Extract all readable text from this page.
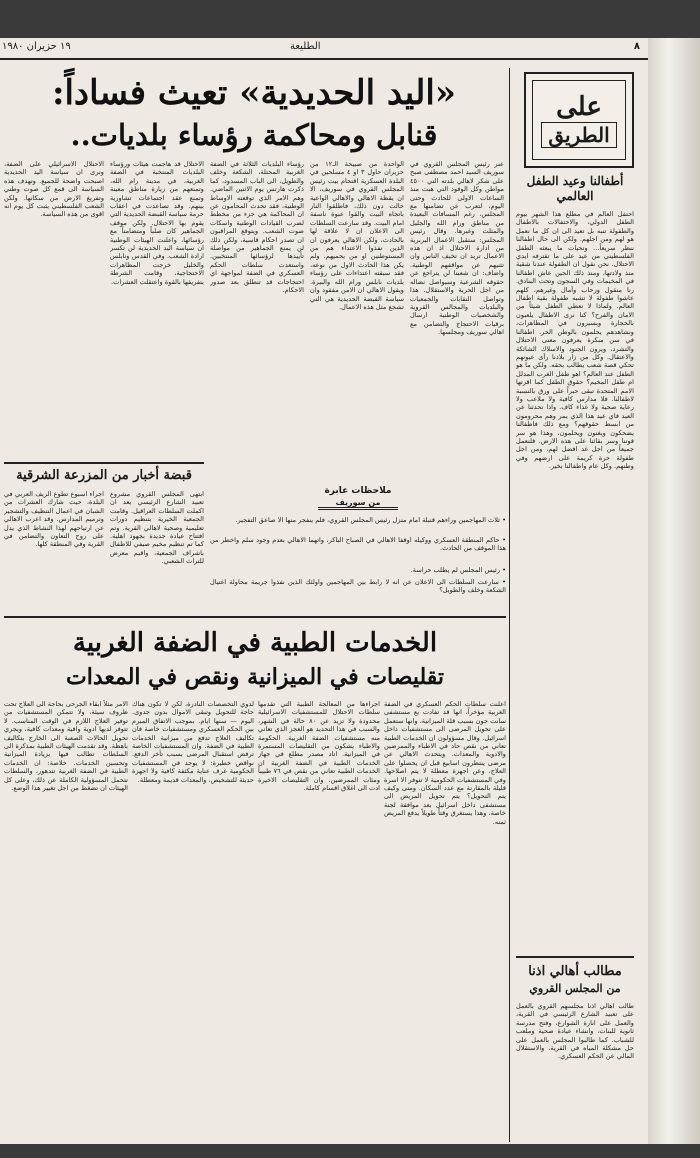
٨
الطليعة
١٩ حزيران ١٩٨٠
على
الطريق
أطفالنا وعيد الطفل العالمي
احتفل العالم في مطلع هذا الشهر بيوم الطفل الدولي، والاحتفالات بالاطفال والطفولة تنبه بل تعيد الى ان كل ما نعمل هو لهم ومن اجلهم. ولكن الى حال اطفالنا ننظر سريعاً... وتحيات ما يبعثه الطفل الفلسطيني من عيد على ما تقترفه ايدي الاحتلال. نحن نقول ان الطفولة عندنا شقية منذ ولادتها، ومنذ ذلك الحين عاش اطفالنا في المخيمات وفي السجون وتحت البنادق. رنا منقول ورحاب وآمال وغيرهم، كلهم عاشوا طفولة لا تشبه طفولة بقية اطفال العالم. ولماذا لا نعطي الطفل شيئاً من الامان والفرح؟ كنا نرى الاطفال يلعبون بالحجارة ويسيرون في المظاهرات، ونشاهدهم يحلمون بالوطن الحر. اطفالنا في سن مبكرة يعرفون معنى الاحتلال والتشرد، ويرون الجنود والاسلاك الشائكة والاعتقال. وكل من زار بلادنا رأى عيونهم تحكي قصة شعب يطالب بحقه. ولكن ما هو الطفل عند العالم؟ اهو طفل الغرب المدلل ام طفل المخيم؟ حقوق الطفل كما اقرتها الامم المتحدة تبقى حبراً على ورق بالنسبة لاطفالنا. فلا مدارس كافية ولا ملاعب ولا رعاية صحية ولا غذاء كاف. واذا تحدثنا عن العيد فاي عيد هذا الذي يمر وهم محرومون من ابسط حقوقهم؟ ومع ذلك فاطفالنا يضحكون ويغنون ويحلمون، وهذا هو سر قوتنا وسر بقائنا على هذه الارض. فلنعمل جميعاً من اجل غد افضل لهم، ومن اجل طفولة حرة كريمة على ارضهم وفي وطنهم. وكل عام واطفالنا بخير.
مطالب أهالي اذنا
من المجلس القروي
طالب اهالي اذنا مجلسهم القروي بالعمل على تعبيد الشارع الرئيسي في القرية، والعمل على انارة الشوارع، وفتح مدرسة ثانوية للبنات، وانشاء عيادة صحية وملعب للشباب. كما طالبوا المجلس بالعمل على حل مشكلة المياه في القرية، والاستقلال المالي عن الحكم العسكري.
«اليد الحديدية» تعيث فساداً:
قنابل ومحاكمة رؤساء بلديات..
عنر رئيس المجلس القروي في سوريف السيد احمد مصطفى صبح على شكر لاهالي بلدته التي ٤٥٠٠ مواطن وكل الوفود التي هبت منذ الساعات الاولى للحادث وحتى اليوم، لتعرب عن تضامنها مع المجلس، رغم المسافات البعيدة من مناطق ورام الله والجليل والمثلث وغيرها. وقال رئيس المجلس: ستقبل الاعمال البربرية من ادارة الاحتلال اذ ان هذه الاعمال تريد ان تخيف الناس وان تثنيهم عن مواقفهم الوطنية. واضاف: ان شعبنا لن يتراجع عن حقوقه الشرعية وسيواصل نضاله من اجل الحرية والاستقلال. هذا وتواصل النقابات والجمعيات والبلديات والمجالس القروية والشخصيات الوطنية ارسال برقيات الاحتجاج والتضامن مع اهالي سوريف ومجلسها.
الواحدة من صبيحة الـ١٢ من حزيران حاول ٣ او ٤ مسلحين في البلدة العسكرية اقتحام بيت رئيس المجلس القروي في سوريف، الا ان يقظة الاهالي والاهالي الواعية حالت دون ذلك، فاطلقوا النار باتجاه البيت والقوا عبوة ناسفة امام البيت. وقد سارعت السلطات الى الاعلان ان لا علاقة لها بالحادث، ولكن الاهالي يعرفون ان الذين نفذوا الاعتداء هم من المستوطنين او من يحميهم. ولم يكن هذا الحادث الاول من نوعه، فقد سبقته اعتداءات على رؤساء بلديات نابلس ورام الله والبيرة. ويقول الاهالي ان الامن مفقود وان سياسة القبضة الحديدية هي التي تشجع مثل هذه الاعمال.
رؤساء البلديات الثلاثة في الضفة الغربية المحتلة، الشكعة وخلف والطويل، الى الباب المسدود، كما ذكرت هارتس يوم الاثنين الماضي. وهم الامر الذي توقعته الاوساط الوطنية، فقد تحدث المحامون عن ان المحاكمة هي جزء من مخطط لضرب القيادات الوطنية واسكات صوت الشعب. ويتوقع المراقبون ان تصدر احكام قاسية، ولكن ذلك لن يمنع الجماهير من مواصلة تأييدها لرؤسائها المنتخبين. واستعدت سلطات الحكم العسكري في الضفة لمواجهة اي احتجاجات قد تنطلق بعد صدور الاحكام.
الاحتلال قد هاجمت هيئات ورؤساء البلديات المنتخبة في الضفة الغربية، في مدينة رام الله، وتمنعهم من زيارة مناطق معينة وتمنع عقد اجتماعات تشاورية بينهم. وقد تصاعدت في اعقاب حرمة سياسة القبضة الحديدية التي يقوم بها الاحتلال. ولكن موقف الجماهير كان صلباً ومتضامناً مع رؤسائها، واعلنت الهيئات الوطنية ان سياسة اليد الحديدية لن تكسر ارادة الشعب. وفي القدس ونابلس والخليل خرجت المظاهرات الاحتجاجية، وقامت الشرطة بتفريقها بالقوة واعتقلت العشرات.
الاحتلال الاسرائيلي على الضفة، ونرى ان سياسة اليد الحديدية اصبحت واضحة للجميع. وتهدف هذه السياسة الى قمع كل صوت وطني وتفريغ الارض من سكانها. ولكن الشعب الفلسطيني يثبت كل يوم انه اقوى من هذه السياسة.
ملاحظات عابرة
من سوريف
• ثلاث المهاجمين وراءهم قنبلة امام منزل رئيس المجلس القروي، فلم ينفجر منها الا صاعق التفجير.
• حاكم المنطقة العسكري ووكيله اوقفا الاهالي في الصباح الباكر، واتهما الاهالي بعدم وجود سلم واخطر من هذا الموقف من الحادث.
• رئيس المجلس لم يطلب حراسة.
• سارعت السلطات الى الاعلان عن انه لا رابط بين المهاجمين واولئك الذين نفذوا جريمة محاولة اغتيال الشكعة وخلف والطويل؟
قبضة أخبار من المزرعة الشرقية
ابتهى المجلس القروي مشروع تعبيد الشارع الرئيسي بعد ان اكملت السلطات العراقيل. وقامت الجمعية الخيرية بتنظيم دورات تعليمية وصحية لاهالي القرية. وتم افتتاح عيادة جديدة بجهود اهلية. كما تم تنظيم مخيم صيفي للاطفال باشراف الجمعية، واقيم معرض للتراث الشعبي.
اجراء اسبوع تطوع الريف العربي في البلدة، حيث شارك العشرات من الشبان في اعمال التنظيف والتشجير وترميم المدارس. وقد اعرب الاهالي عن ارتياحهم لهذا النشاط الذي يدل على روح التعاون والتضامن في القرية وفي المنطقة كلها.
الخدمات الطبية في الضفة الغربية
تقليصات في الميزانية ونقص في المعدات
اعلنت سلطات الحكم العسكري في الضفة الغربية مؤخراً، انها قد تفادت بع مستشفى سانت جون بسبب قلة الميزانية، وانها ستعمل على تحويل المرضى الى مستشفيات داخل اسرائيل. وقال مسؤولون ان الخدمات الطبية تعاني من نقص حاد في الاطباء والممرضين والادوية والمعدات. ويتحدث الاهالي عن مرضى ينتظرون اسابيع قبل ان يحصلوا على العلاج، وعن اجهزة معطلة لا يتم اصلاحها. وفي المستشفيات الحكومية لا تتوفر الا اسرة قليلة بالمقارنة مع عدد السكان. ومتى وكيف يتم التحويل؟ يتم تحويل المريض الى مستشفى داخل اسرائيل بعد موافقة لجنة خاصة، وهذا يستغرق وقتاً طويلاً يدفع المريض ثمنه.
اجراءها من المعالجة الطبية التي تقدمها سلطات الاحتلال للمستشفيات الاسرائيلية محدودة ولا تزيد عن ٨٠ حالة في الشهر، والسبب في هذا التحديد هو العجز الذي تعاني منه مستشفيات الضفة الغربية. الحكومة والاطباء يشكون من التقليصات المستمرة في الميزانية. اتاد مصدر مطلع في جهاز الخدمات الطبية في الضفة الغربية ان الخدمات الطبية تعاني من نقص في ٧٦ طبيباً ومئات الممرضين، وان التقليصات الاخيرة ادت الى اغلاق اقسام كاملة.
لدوي التخصصات النادرة، لكن لا تكون هناك حاجة للتحويل وتبقى الاموال بدون جدوى. اليوم — سنها ايام. بموجب الاتفاق المبرم بين الحكم العسكري ومستشفيات خاصة فان تكاليف العلاج تدفع من ميزانية الخدمات الطبية في الضفة. وان المستشفيات الخاصة ترفض استقبال المرضى بسبب تأخر الدفع. نواقص خطيرة: لا يوجد في المستشفيات الحكومية غرف عناية مكثفة كافية ولا اجهزة حديثة للتشخيص، والمعدات قديمة ومعطلة.
الامر مثلاً ابقاء الجرحى بحاجة الى العلاج تحت ظروف سيئة، ولا تتمكن المستشفيات من توفير العلاج اللازم في الوقت المناسب. لا تتوفر لديها ادوية وافية ومعدات كافية، ويجري تحويل الحالات الصعبة الى الخارج بتكاليف باهظة. وقد تقدمت الهيئات الطبية بمذكرة الى السلطات تطالب فيها بزيادة الميزانية وتحسين الخدمات. خلاصة: ان الخدمات الطبية في الضفة الغربية تتدهور، والسلطات تتحمل المسؤولية الكاملة عن ذلك، وعلى كل الهيئات ان تضغط من اجل تغيير هذا الوضع.
